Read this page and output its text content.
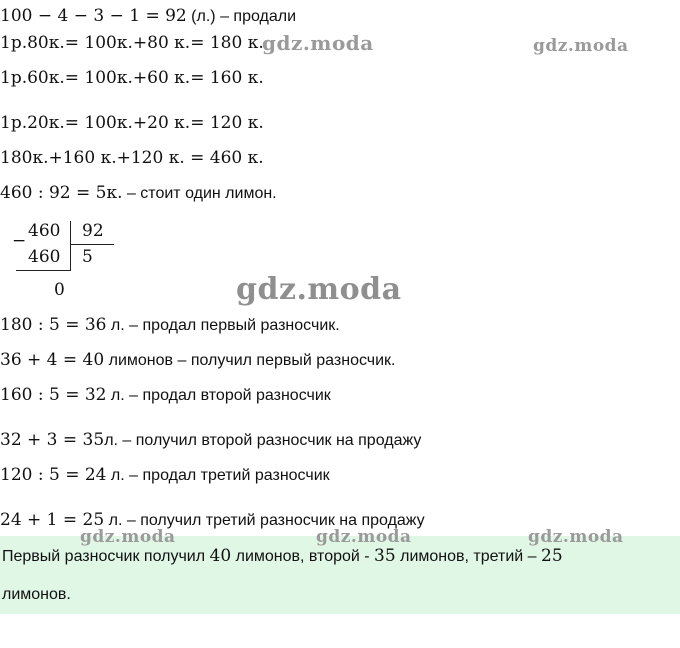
100 − 4 − 3 − 1 = 92 (л.) – продали
1р.80к.= 100к.+80 к.= 180 к.
1р.60к.= 100к.+60 к.= 160 к.
1р.20к.= 100к.+20 к.= 120 к.
180к.+160 к.+120 к. = 460 к.
460 : 92 = 5к. – стоит один лимон.
− 460 92
460 5
0
180 : 5 = 36 л. – продал первый разносчик.
36 + 4 = 40 лимонов – получил первый разносчик.
160 : 5 = 32 л. – продал второй разносчик
32 + 3 = 35л. – получил второй разносчик на продажу
120 : 5 = 24 л. – продал третий разносчик
24 + 1 = 25 л. – получил третий разносчик на продажу
Первый разносчик получил 40 лимонов, второй - 35 лимонов, третий – 25
лимонов.
gdz.moda	gdz.moda
gdz.moda
gdz.moda	gdz.moda	gdz.moda
